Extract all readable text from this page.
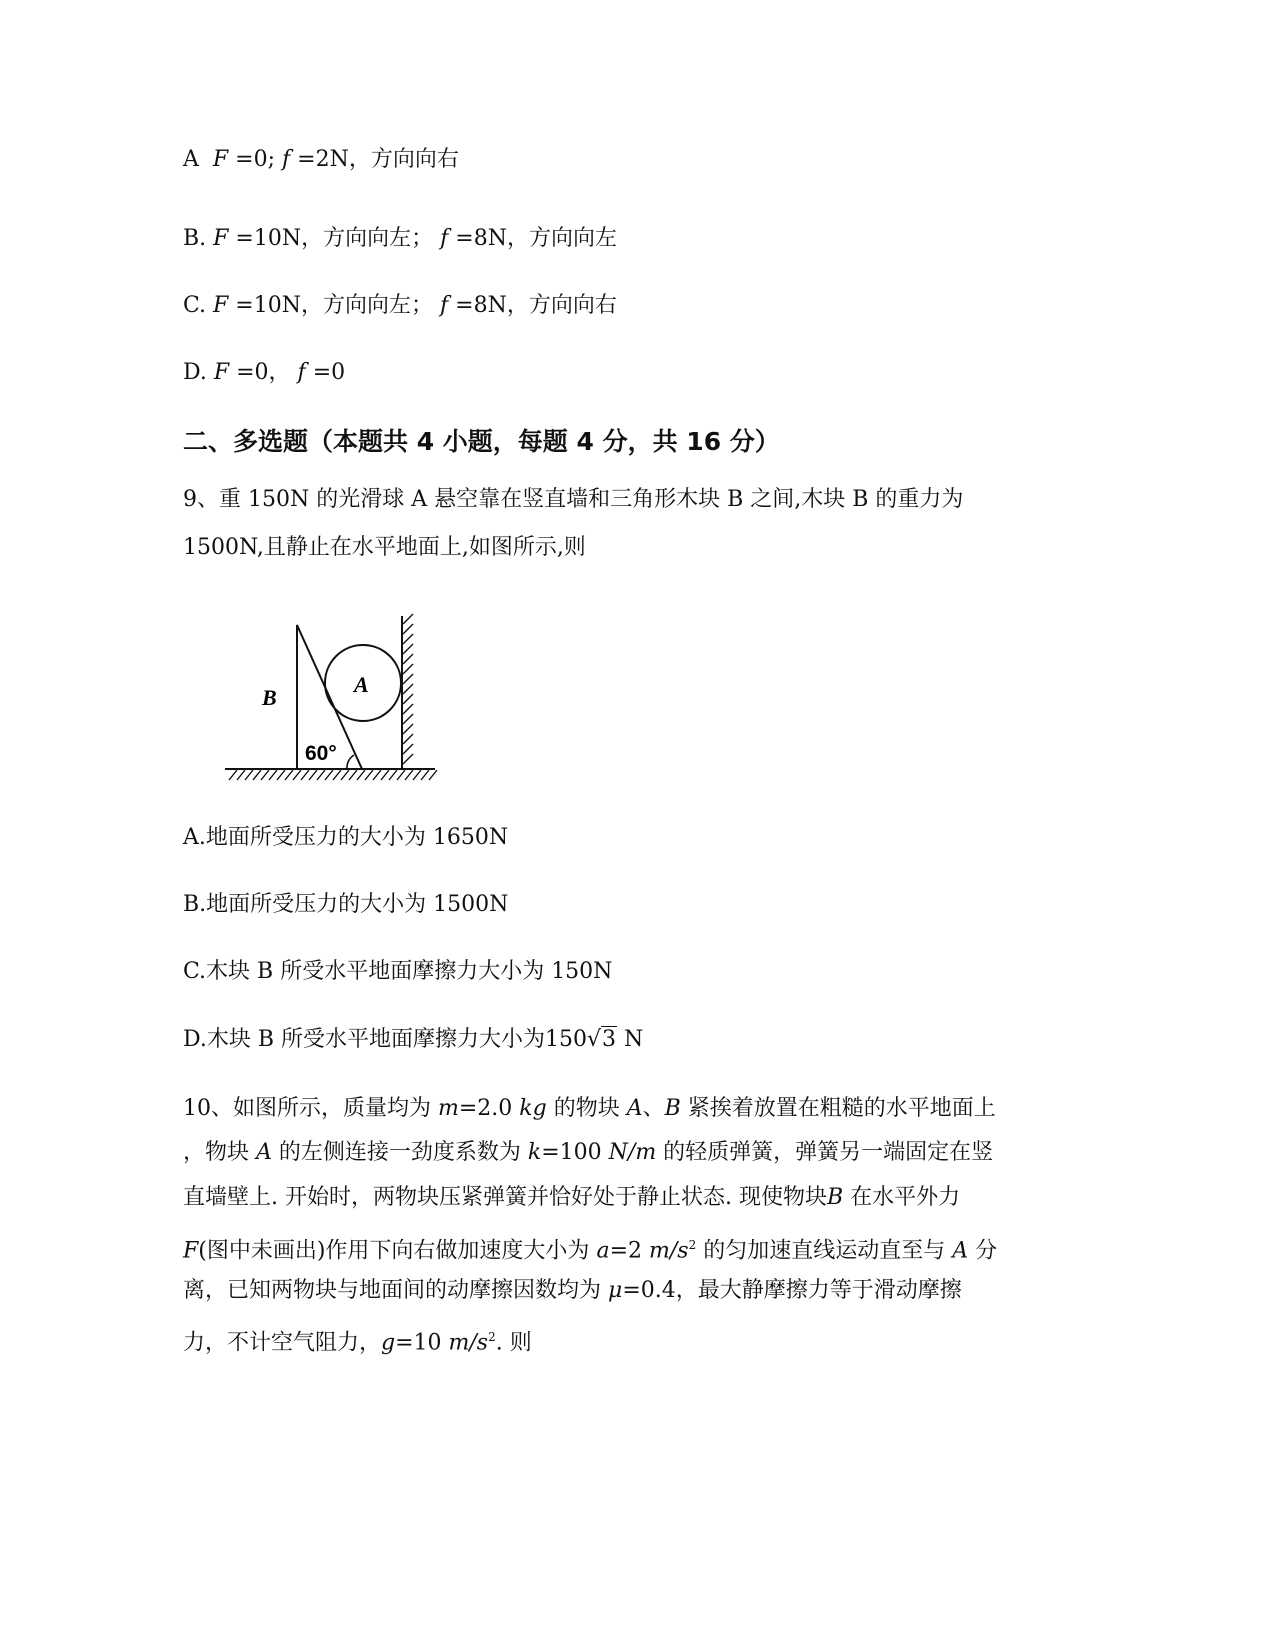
A F =0; f =2N，方向向右

B. F =10N，方向向左； f =8N，方向向左

C. F =10N，方向向左； f =8N，方向向右

D. F =0， f =0

二、多选题（本题共 4 小题，每题 4 分，共 16 分）

9、重 150N 的光滑球 A 悬空靠在竖直墙和三角形木块 B 之间,木块 B 的重力为

1500N,且静止在水平地面上,如图所示,则

B
A
60°

A.地面所受压力的大小为 1650N

B.地面所受压力的大小为 1500N

C.木块 B 所受水平地面摩擦力大小为 150N

D.木块 B 所受水平地面摩擦力大小为150√3 N

10、如图所示，质量均为 m=2.0 kg 的物块 A、B 紧挨着放置在粗糙的水平地面上

，物块 A 的左侧连接一劲度系数为 k=100 N/m 的轻质弹簧，弹簧另一端固定在竖

直墙壁上. 开始时，两物块压紧弹簧并恰好处于静止状态. 现使物块B 在水平外力

F(图中未画出)作用下向右做加速度大小为 a=2 $m/s^2$ 的匀加速直线运动直至与 A 分

离，已知两物块与地面间的动摩擦因数均为 μ=0.4，最大静摩擦力等于滑动摩擦

力，不计空气阻力，g=10 $m/s^2$. 则
